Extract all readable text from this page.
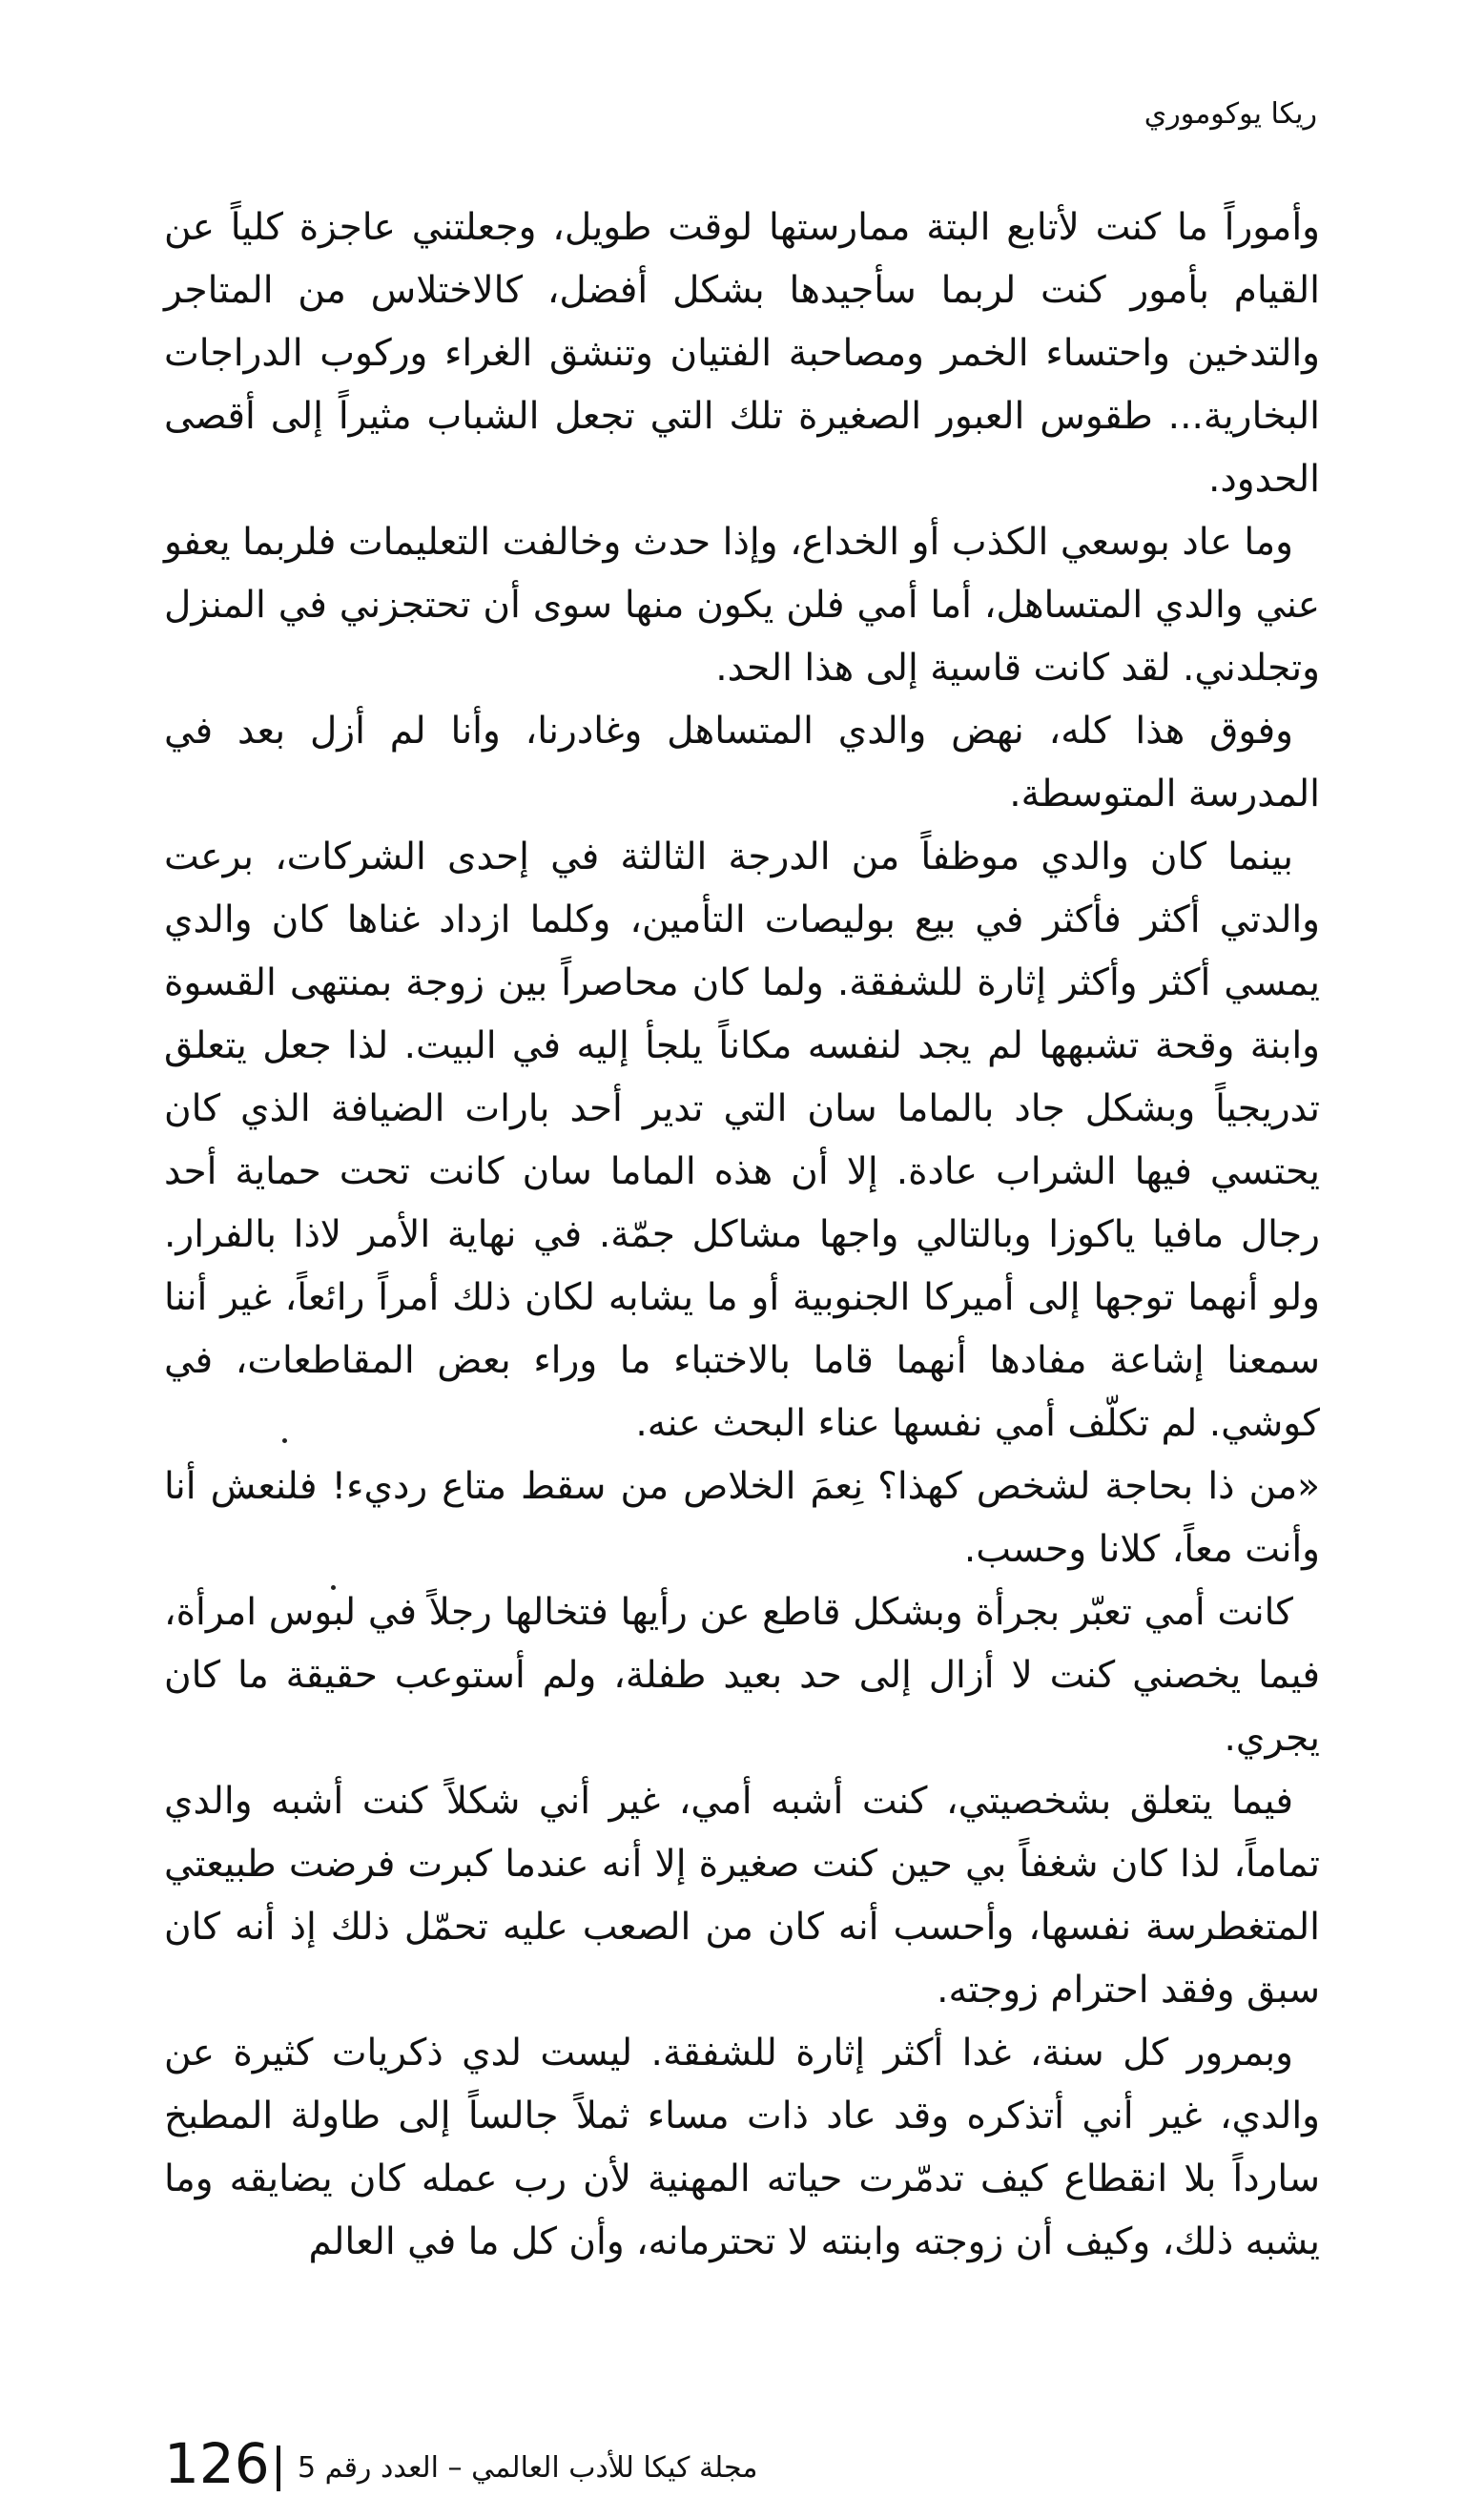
ريكا يوكوموري

وأموراً ما كنت لأتابع البتة ممارستها لوقت طويل، وجعلتني عاجزة كلياً عن القيام بأمور كنت لربما سأجيدها بشكل أفضل، كالاختلاس من المتاجر والتدخين واحتساء الخمر ومصاحبة الفتيان وتنشق الغراء وركوب الدراجات البخارية... طقوس العبور الصغيرة تلك التي تجعل الشباب مثيراً إلى أقصى الحدود.

وما عاد بوسعي الكذب أو الخداع، وإذا حدث وخالفت التعليمات فلربما يعفو عني والدي المتساهل، أما أمي فلن يكون منها سوى أن تحتجزني في المنزل وتجلدني. لقد كانت قاسية إلى هذا الحد.

وفوق هذا كله، نهض والدي المتساهل وغادرنا، وأنا لم أزل بعد في المدرسة المتوسطة.

بينما كان والدي موظفاً من الدرجة الثالثة في إحدى الشركات، برعت والدتي أكثر فأكثر في بيع بوليصات التأمين، وكلما ازداد غناها كان والدي يمسي أكثر وأكثر إثارة للشفقة. ولما كان محاصراً بين زوجة بمنتهى القسوة وابنة وقحة تشبهها لم يجد لنفسه مكاناً يلجأ إليه في البيت. لذا جعل يتعلق تدريجياً وبشكل جاد بالماما سان التي تدير أحد بارات الضيافة الذي كان يحتسي فيها الشراب عادة. إلا أن هذه الماما سان كانت تحت حماية أحد رجال مافيا ياكوزا وبالتالي واجها مشاكل جمّة. في نهاية الأمر لاذا بالفرار. ولو أنهما توجها إلى أميركا الجنوبية أو ما يشابه لكان ذلك أمراً رائعاً، غير أننا سمعنا إشاعة مفادها أنهما قاما بالاختباء ما وراء بعض المقاطعات، في كوشي. لم تكلّف أمي نفسها عناء البحث عنه.

«من ذا بحاجة لشخص كهذا؟ نِعمَ الخلاص من سقط متاع رديء! فلنعش أنا وأنت معاً، كلانا وحسب.

كانت أمي تعبّر بجرأة وبشكل قاطع عن رأيها فتخالها رجلاً في لبوس امرأة، فيما يخصني كنت لا أزال إلى حد بعيد طفلة، ولم أستوعب حقيقة ما كان يجري.

فيما يتعلق بشخصيتي، كنت أشبه أمي، غير أني شكلاً كنت أشبه والدي تماماً، لذا كان شغفاً بي حين كنت صغيرة إلا أنه عندما كبرت فرضت طبيعتي المتغطرسة نفسها، وأحسب أنه كان من الصعب عليه تحمّل ذلك إذ أنه كان سبق وفقد احترام زوجته.

وبمرور كل سنة، غدا أكثر إثارة للشفقة. ليست لدي ذكريات كثيرة عن والدي، غير أني أتذكره وقد عاد ذات مساء ثملاً جالساً إلى طاولة المطبخ سارداً بلا انقطاع كيف تدمّرت حياته المهنية لأن رب عمله كان يضايقه وما يشبه ذلك، وكيف أن زوجته وابنته لا تحترمانه، وأن كل ما في العالم

126 مجلة كيكا للأدب العالمي – العدد رقم 5
